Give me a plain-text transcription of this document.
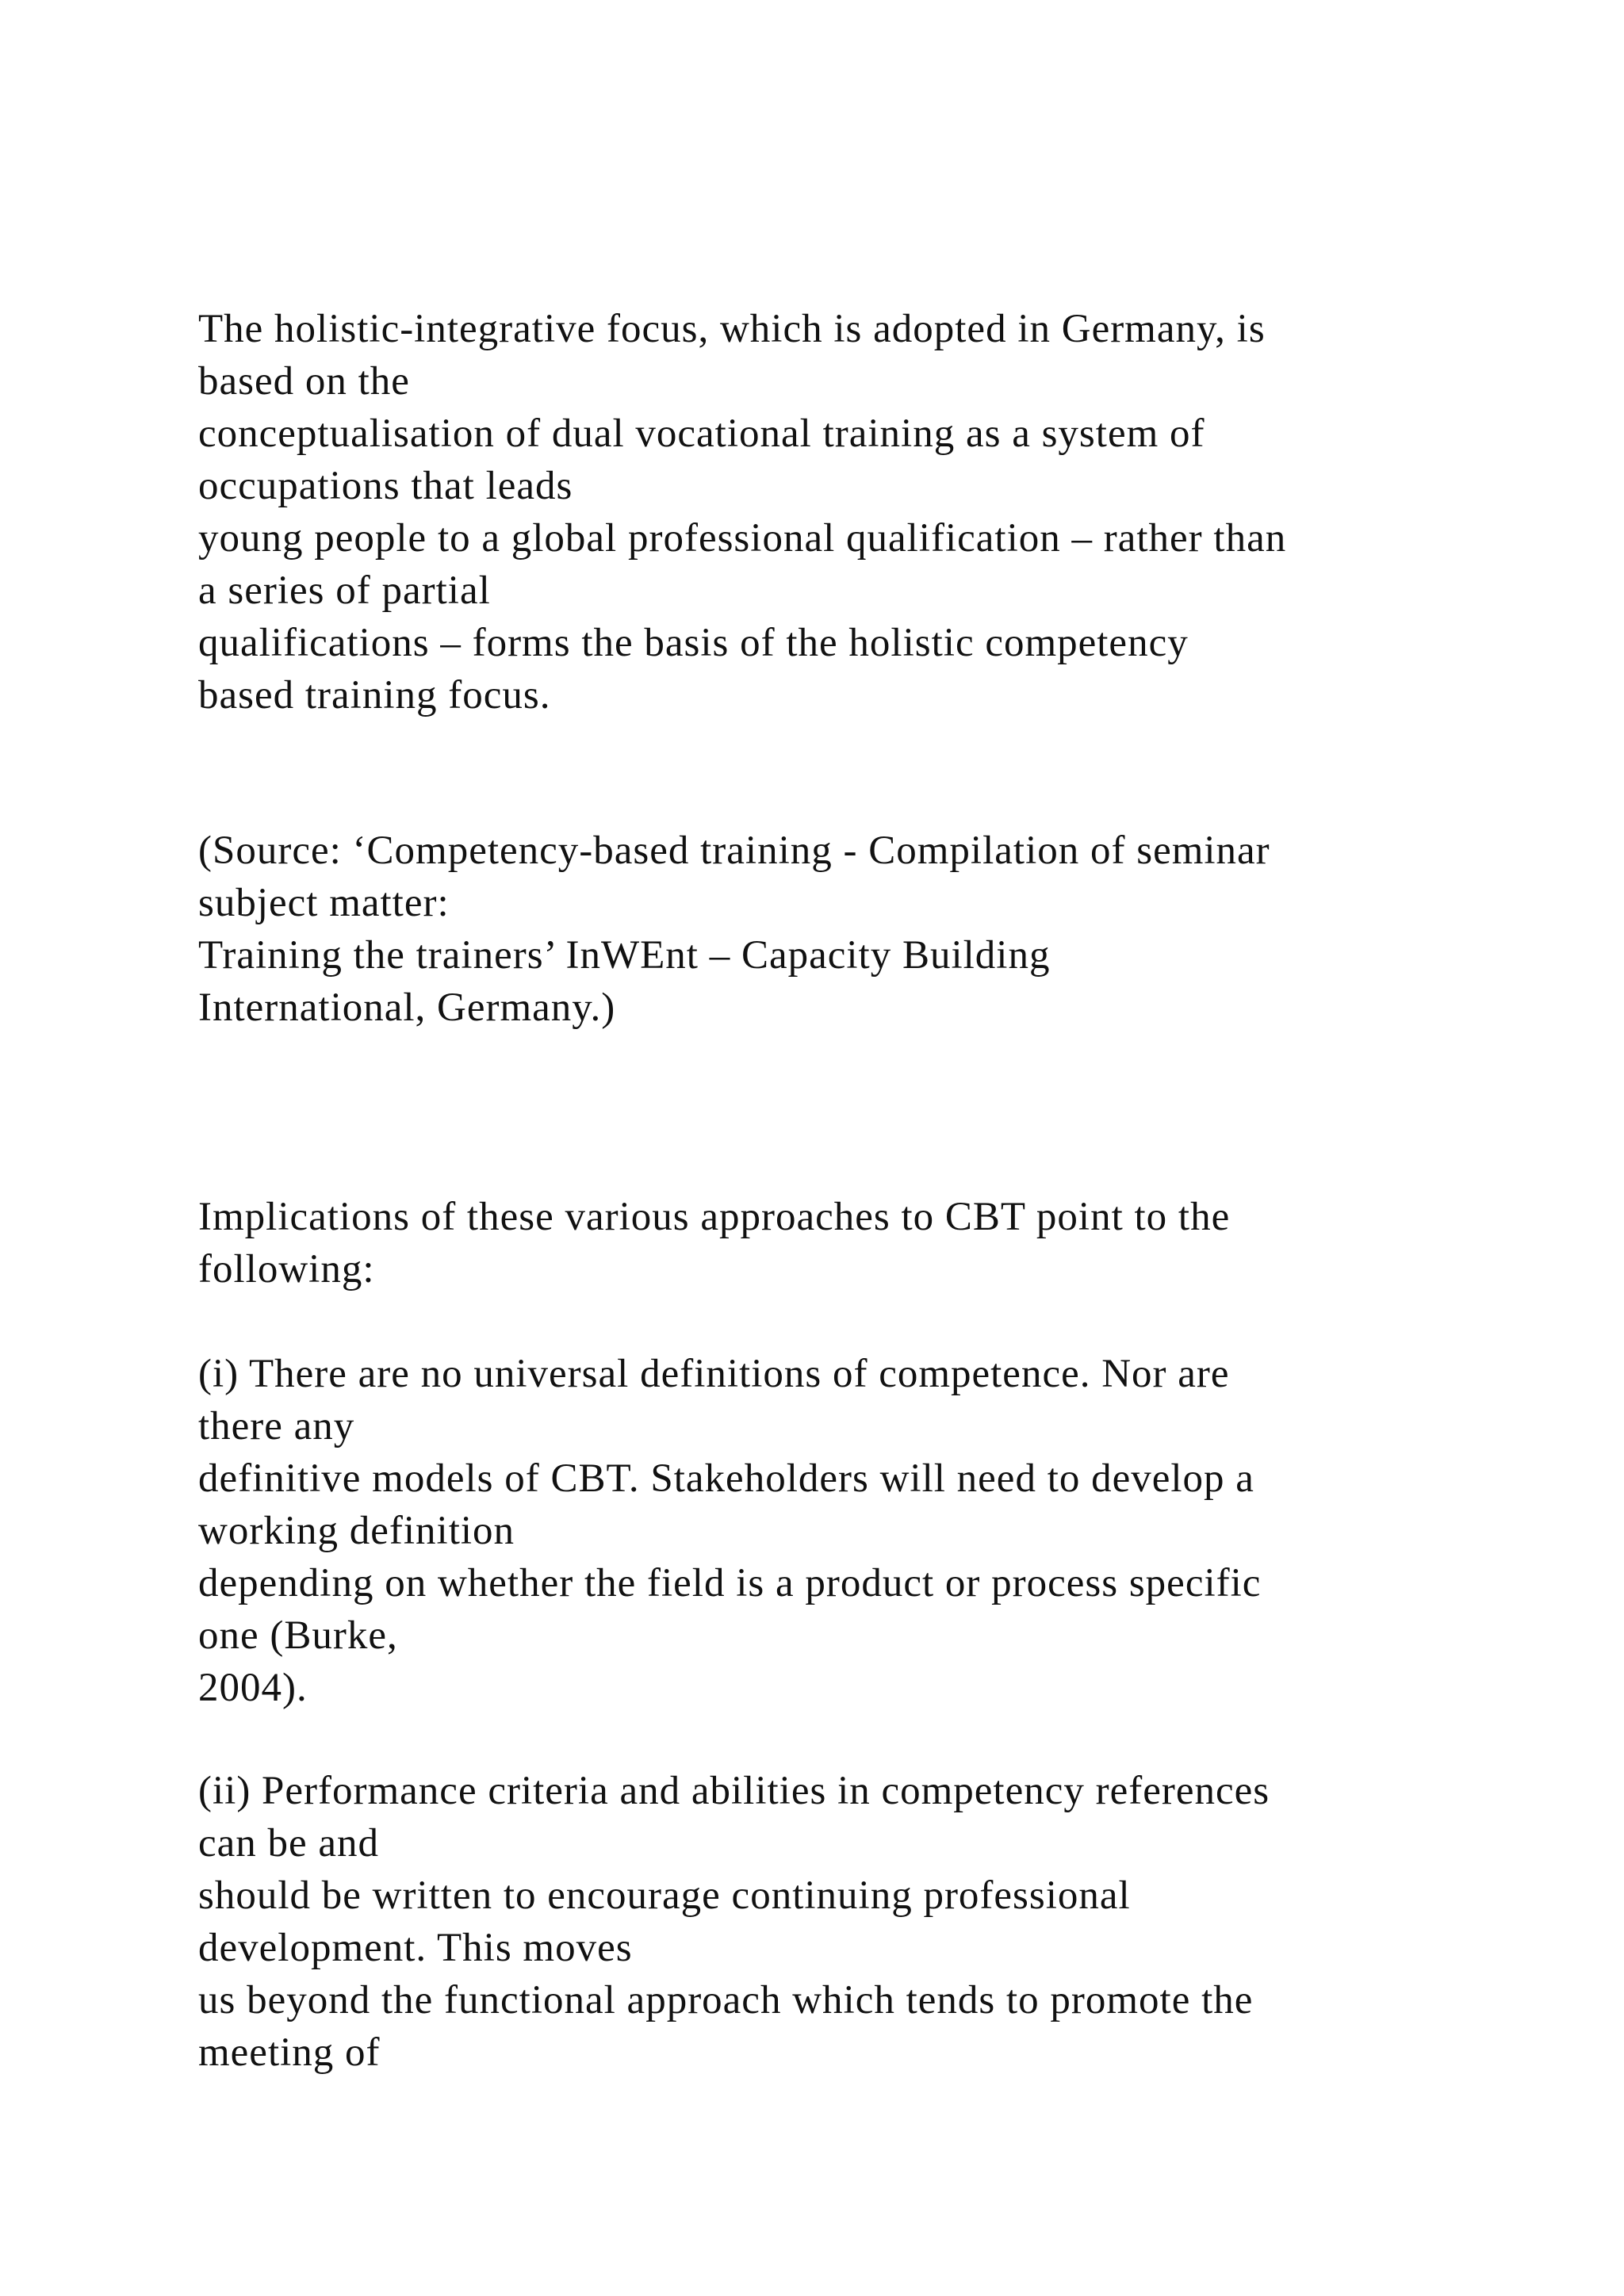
The holistic-integrative focus, which is adopted in Germany, is
based on the
conceptualisation of dual vocational training as a system of
occupations that leads
young people to a global professional qualification – rather than
a series of partial
qualifications – forms the basis of the holistic competency
based training focus.
(Source: ‘Competency-based training - Compilation of seminar
subject matter:
Training the trainers’ InWEnt – Capacity Building
International, Germany.)
Implications of these various approaches to CBT point to the
following:
(i) There are no universal definitions of competence. Nor are
there any
definitive models of CBT. Stakeholders will need to develop a
working definition
depending on whether the field is a product or process specific
one (Burke,
2004).
(ii) Performance criteria and abilities in competency references
can be and
should be written to encourage continuing professional
development. This moves
us beyond the functional approach which tends to promote the
meeting of
